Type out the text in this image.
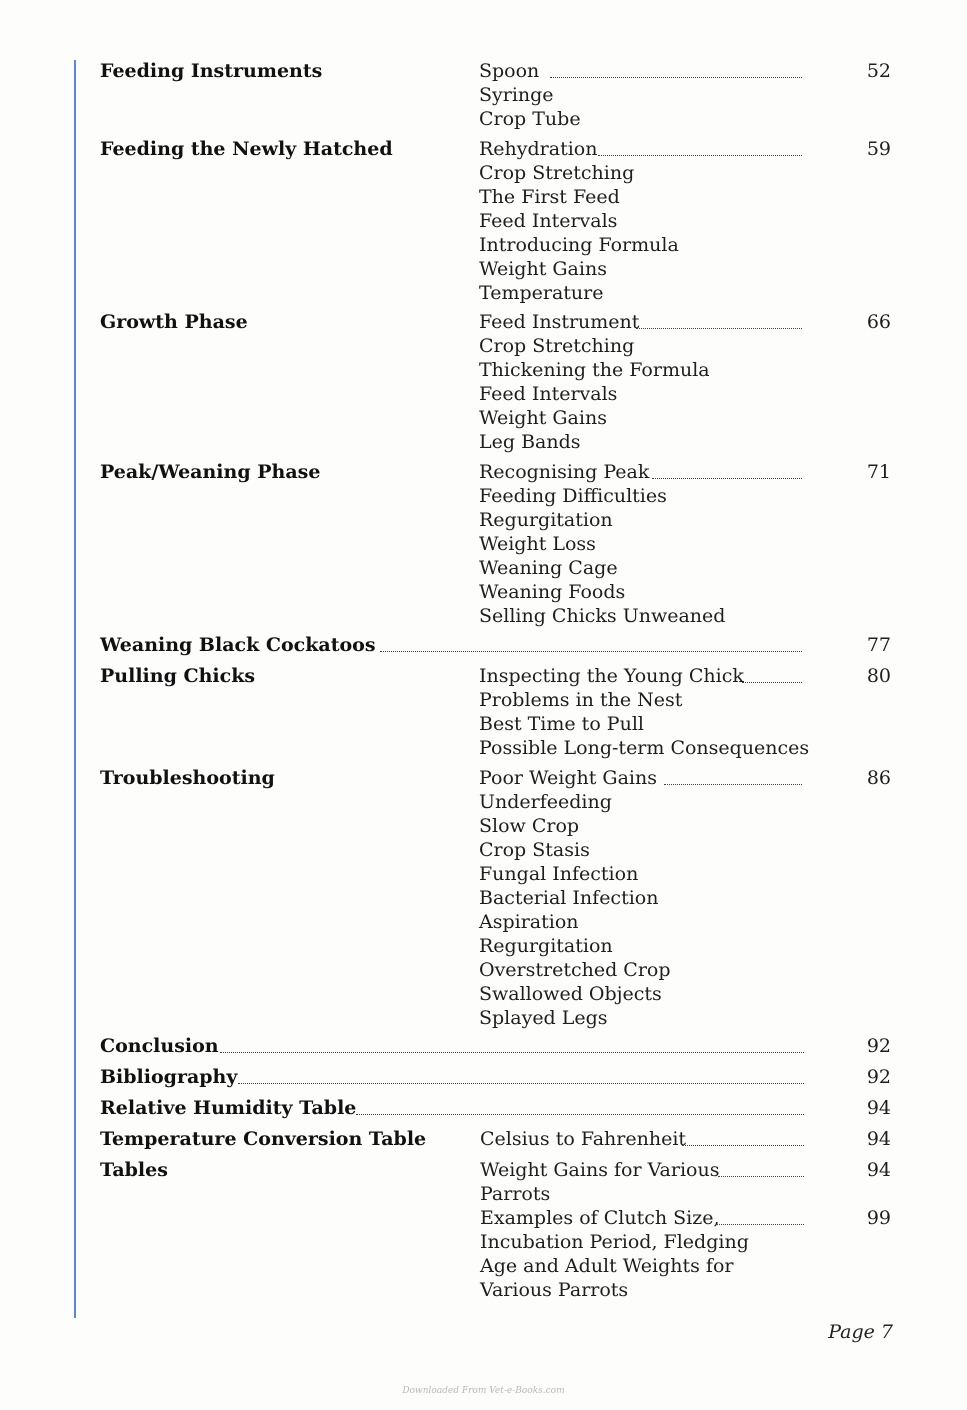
Feeding Instruments	Spoon	52
Syringe
Crop Tube
Feeding the Newly Hatched	Rehydration	59
Crop Stretching
The First Feed
Feed Intervals
Introducing Formula
Weight Gains
Temperature
Growth Phase	Feed Instrument	66
Crop Stretching
Thickening the Formula
Feed Intervals
Weight Gains
Leg Bands
Peak/Weaning Phase	Recognising Peak	71
Feeding Difficulties
Regurgitation
Weight Loss
Weaning Cage
Weaning Foods
Selling Chicks Unweaned
Weaning Black Cockatoos	77
Pulling Chicks	Inspecting the Young Chick	80
Problems in the Nest
Best Time to Pull
Possible Long-term Consequences
Troubleshooting	Poor Weight Gains	86
Underfeeding
Slow Crop
Crop Stasis
Fungal Infection
Bacterial Infection
Aspiration
Regurgitation
Overstretched Crop
Swallowed Objects
Splayed Legs
Conclusion	92
Bibliography	92
Relative Humidity Table	94
Temperature Conversion Table	Celsius to Fahrenheit	94
Tables	Weight Gains for Various	94
Parrots
Examples of Clutch Size,	99
Incubation Period, Fledging
Age and Adult Weights for
Various Parrots
Page 7
Downloaded From Vet-e-Books.com
